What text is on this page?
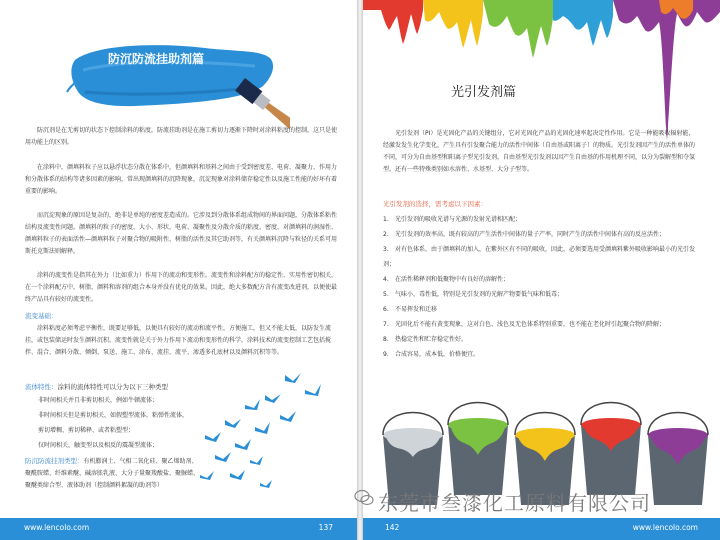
防沉防流挂助剂篇

防沉剂是在无剪切的状态下控制涂料的粘度，防流挂助剂是在施工剪切力逐渐下降时对涂料粘度的控制，这只是使用功能上的区别。

在涂料中，颜填料粒子应以悬浮状态分散在体系中，但颜填料和基料之间由于受到密度差、电荷、凝聚力、作用力和分散体系的结构等诸多因素的影响，常出现颜填料的沉降现象，沉淀现象对涂料储存稳定性以及施工性能的好坏有着重要的影响。

而沉淀现象的原因是复杂的，绝非是单纯的密度差造成的。它涉及到分散体系组成物间的界面问题，分散体系粘性结构及流变性问题。颜填料的粒子的密度、大小、形状、电荷、凝聚性及分散介质的粘度、密度、对颜填料的润湿性、颜填料粒子的表面活性—颜填料粒子对聚合物的吸附性、树脂的活性及其它助剂等，有关颜填料沉降与粒径的关系可用斯托克斯法则解释。

涂料的流变性是指其在外力（比如重力）作用下的流动和变形性。流变性和涂料配方的稳定性、实用性密切相关，在一个涂料配方中，树脂、颜料和溶剂的组合本身并没有优化的效果。因此，绝大多数配方含有流变改进剂，以便使最终产品具有较好的流变性。

流变基础：

涂料粘度必须考虑平衡性，既要足够低，以便具有较好的流动和流平性，方便施工，但又不能太低，以防发生流挂，或包装储运时发生颜料沉积。流变性就是关于外力作用下流动和变形性的科学。涂料技术的流变控制工艺包括搅拌、混合、颜料分散、倾倒、泵送、施工、涂布、流挂、流平、渗透多孔底材以及颜料沉积等等。

流体特性：涂料的流体特性可以分为以下三种类型

非时间相关并且非剪切相关，例如牛顿流体；

非时间相关但是剪切相关，如假塑型流体，粘弹性流体，

剪切增稠、剪切稀释、或者粘塑型；

仅时间相关，触变型以及相反的震凝型流体；

防沉防流挂剂类型：有机膨润土、气相二氧化硅、聚乙烯助剂、聚酰胺蜡、纤维素醚、碱溶胀乳液、大分子量聚羧酸盐、聚脲蜡、聚醚类缔合型、液体助剂（控制颜料絮凝的助剂等）

www.lencolo.com	137
光引发剂篇

光引发剂（PI）是光固化产品的关键组分，它对光固化产品的光固化速率起决定性作用。它是一种能吸收辐射能，经激发发生化学变化，产生具有引发聚合能力的活性中间体（自由基或阳离子）的物质。光引发剂因产生的活性单体的不同，可分为自由基型和阳离子型光引发剂，自由基型光引发剂以因产生自由基的作用机理不同，以分为裂解型和夺氢型。还有一些特殊类别如水溶性、水基型、大分子型等。

光引发剂的选择，需考虑以下因素：

1. 光引发剂的吸收光谱与光源的发射光谱相匹配；
2. 光引发剂的效率高，既有较高的产生活性中间体的量子产率，同时产生的活性中间体有高的反应活性；
3. 对有色体系，由于颜填料的加入，在紫外区有不同的吸收，因此，必须要选用受颜填料紫外吸收影响最小的光引发剂；
4. 在活性稀释剂和低聚物中有良好的溶解性；
5. 气味小，毒性低，特别是光引发剂的光解产物要低气味和低毒；
6. 不易挥发和迁移
7. 光固化后不能有黄变现象，这对白色、浅色及无色体系特别重要，也不能在老化时引起聚合物的降解；
8. 热稳定性和贮存稳定性好。
9. 合成容易，成本低，价格便宜。
142	www.lencolo.com
东莞市叁漆化工原料有限公司
